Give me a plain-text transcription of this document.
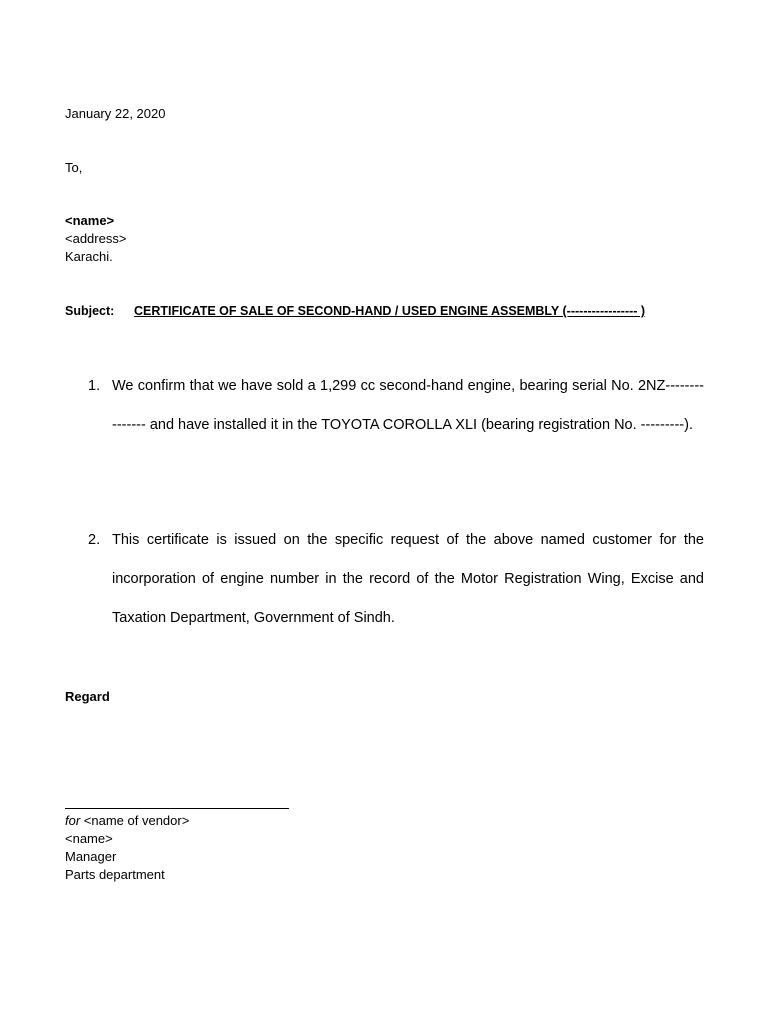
January 22, 2020
To,
<name>
<address>
Karachi.
Subject: CERTIFICATE OF SALE OF SECOND-HAND / USED ENGINE ASSEMBLY (----------------- )
1. We confirm that we have sold a 1,299 cc second-hand engine, bearing serial No. 2NZ--------------- and have installed it in the TOYOTA COROLLA XLI (bearing registration No. ---------).
2. This certificate is issued on the specific request of the above named customer for the incorporation of engine number in the record of the Motor Registration Wing, Excise and Taxation Department, Government of Sindh.
Regard
for <name of vendor>
<name>
Manager
Parts department
